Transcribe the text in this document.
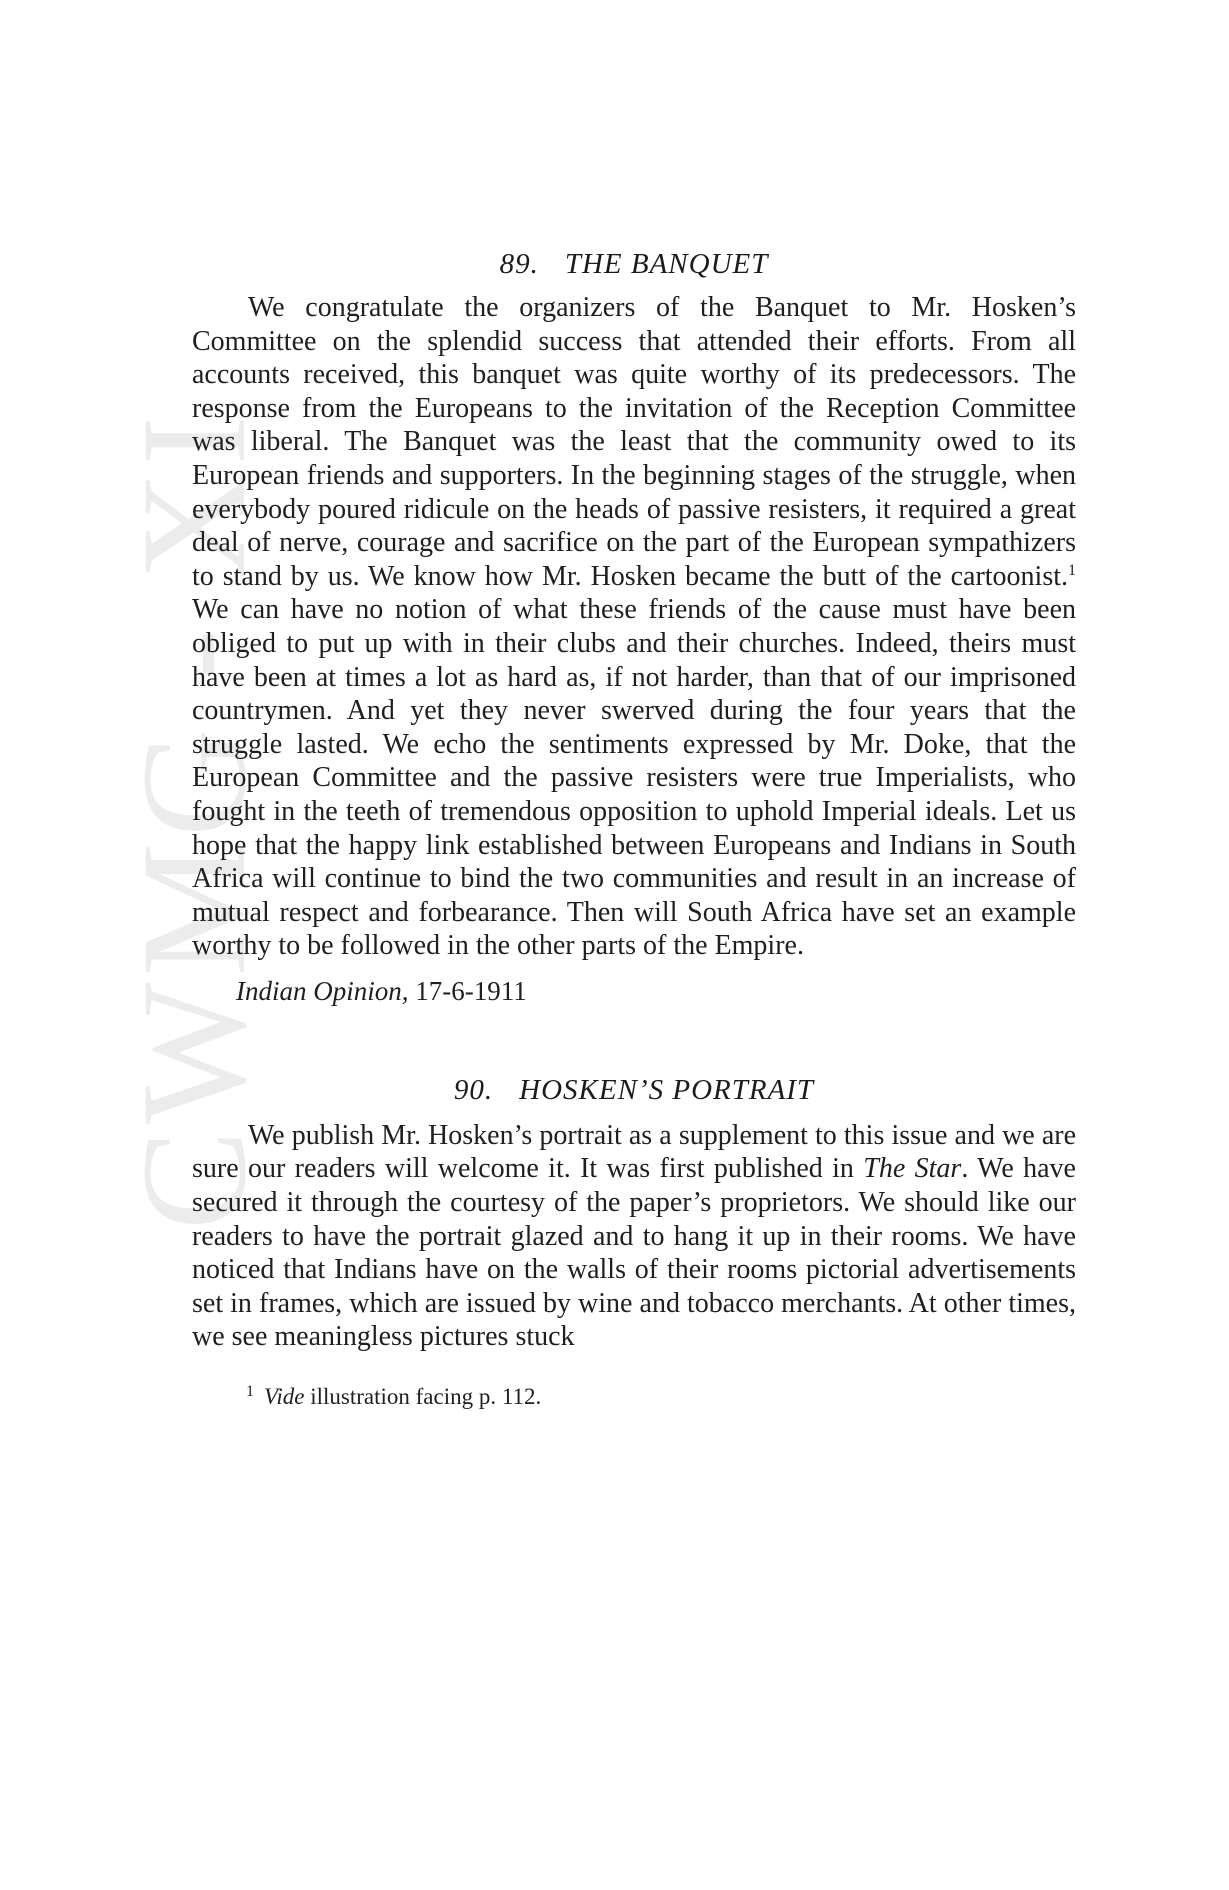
CWMG - XI
89. THE BANQUET

We congratulate the organizers of the Banquet to Mr. Hosken’s Committee on the splendid success that attended their efforts. From all accounts received, this banquet was quite worthy of its predecessors. The response from the Europeans to the invitation of the Reception Committee was liberal. The Banquet was the least that the community owed to its European friends and supporters. In the beginning stages of the struggle, when everybody poured ridicule on the heads of passive resisters, it required a great deal of nerve, courage and sacrifice on the part of the European sympathizers to stand by us. We know how Mr. Hosken became the butt of the cartoonist.$^1$ We can have no notion of what these friends of the cause must have been obliged to put up with in their clubs and their churches. Indeed, theirs must have been at times a lot as hard as, if not harder, than that of our imprisoned countrymen. And yet they never swerved during the four years that the struggle lasted. We echo the sentiments expressed by Mr. Doke, that the European Committee and the passive resisters were true Imperialists, who fought in the teeth of tremendous opposition to uphold Imperial ideals. Let us hope that the happy link established between Europeans and Indians in South Africa will continue to bind the two communities and result in an increase of mutual respect and forbearance. Then will South Africa have set an example worthy to be followed in the other parts of the Empire.

Indian Opinion, 17-6-1911
90. HOSKEN’S PORTRAIT

We publish Mr. Hosken’s portrait as a supplement to this issue and we are sure our readers will welcome it. It was first published in The Star. We have secured it through the courtesy of the paper’s proprietors. We should like our readers to have the portrait glazed and to hang it up in their rooms. We have noticed that Indians have on the walls of their rooms pictorial advertisements set in frames, which are issued by wine and tobacco merchants. At other times, we see meaningless pictures stuck

$^1$ Vide illustration facing p. 112.
